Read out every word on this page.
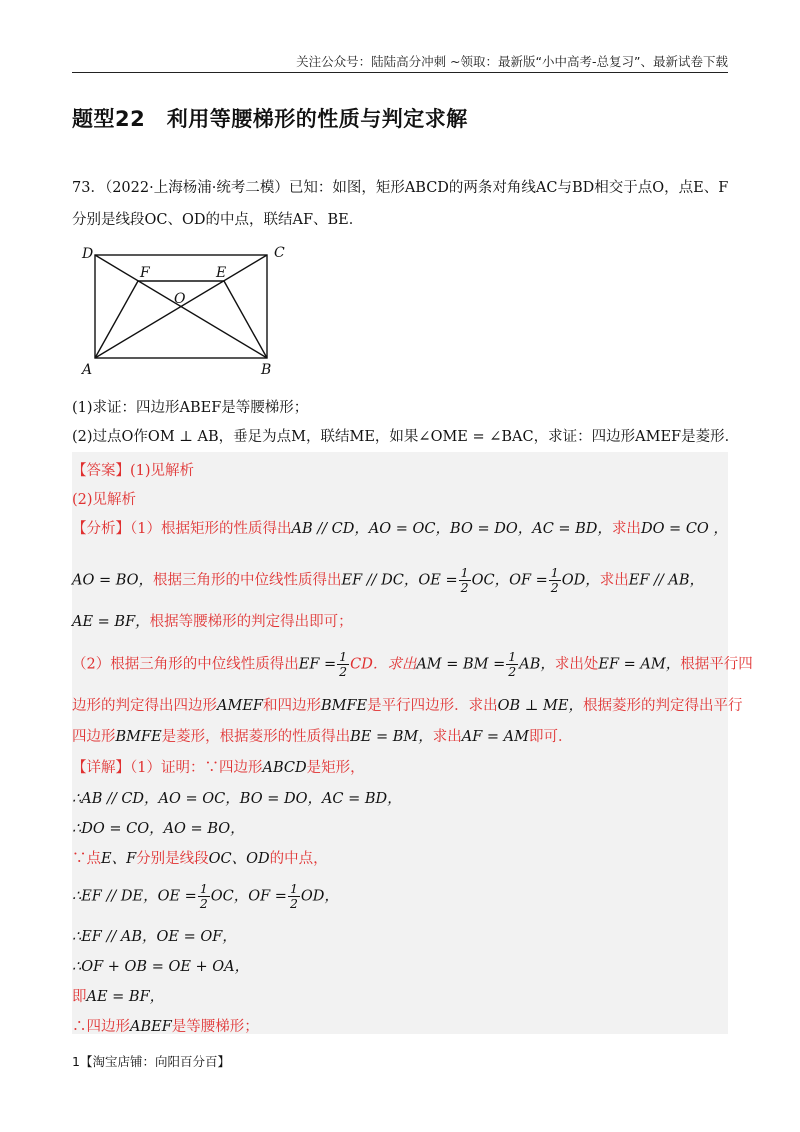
关注公众号：陆陆高分冲刺 ~领取：最新版“小中高考-总复习”、最新试卷下载
题型22　利用等腰梯形的性质与判定求解
73．（2022·上海杨浦·统考二模）已知：如图，矩形ABCD的两条对角线AC与BD相交于点O，点E、F
分别是线段OC、OD的中点，联结AF、BE．
D	C
A	B
F	E
O
(1)求证：四边形ABEF是等腰梯形；
(2)过点O作OM ⊥ AB，垂足为点M，联结ME，如果∠OME = ∠BAC，求证：四边形AMEF是菱形．
【答案】(1)见解析
(2)见解析
【分析】（1）根据矩形的性质得出AB // CD，AO = OC，BO = DO，AC = BD，求出DO = CO ，
AO = BO，根据三角形的中位线性质得出EF // DC，OE = $\frac{1}{2}$ OC，OF = $\frac{1}{2}$ OD，求出EF // AB，
AE = BF，根据等腰梯形的判定得出即可；
（2）根据三角形的中位线性质得出EF = $\frac{1}{2}$ CD．求出AM = BM = $\frac{1}{2}$ AB，求出处EF = AM，根据平行四
边形的判定得出四边形AMEF和四边形BMFE是平行四边形．求出OB ⊥ ME，根据菱形的判定得出平行
四边形BMFE是菱形，根据菱形的性质得出BE = BM，求出AF = AM即可．
【详解】（1）证明：∵四边形ABCD是矩形，
∴AB // CD，AO = OC，BO = DO，AC = BD，
∴DO = CO，AO = BO，
∵点E、F分别是线段OC、OD的中点，
∴EF // DE，OE = $\frac{1}{2}$ OC，OF = $\frac{1}{2}$ OD，
∴EF // AB，OE = OF，
∴OF + OB = OE + OA，
即AE = BF，
∴四边形ABEF是等腰梯形；
1【淘宝店铺：向阳百分百】
